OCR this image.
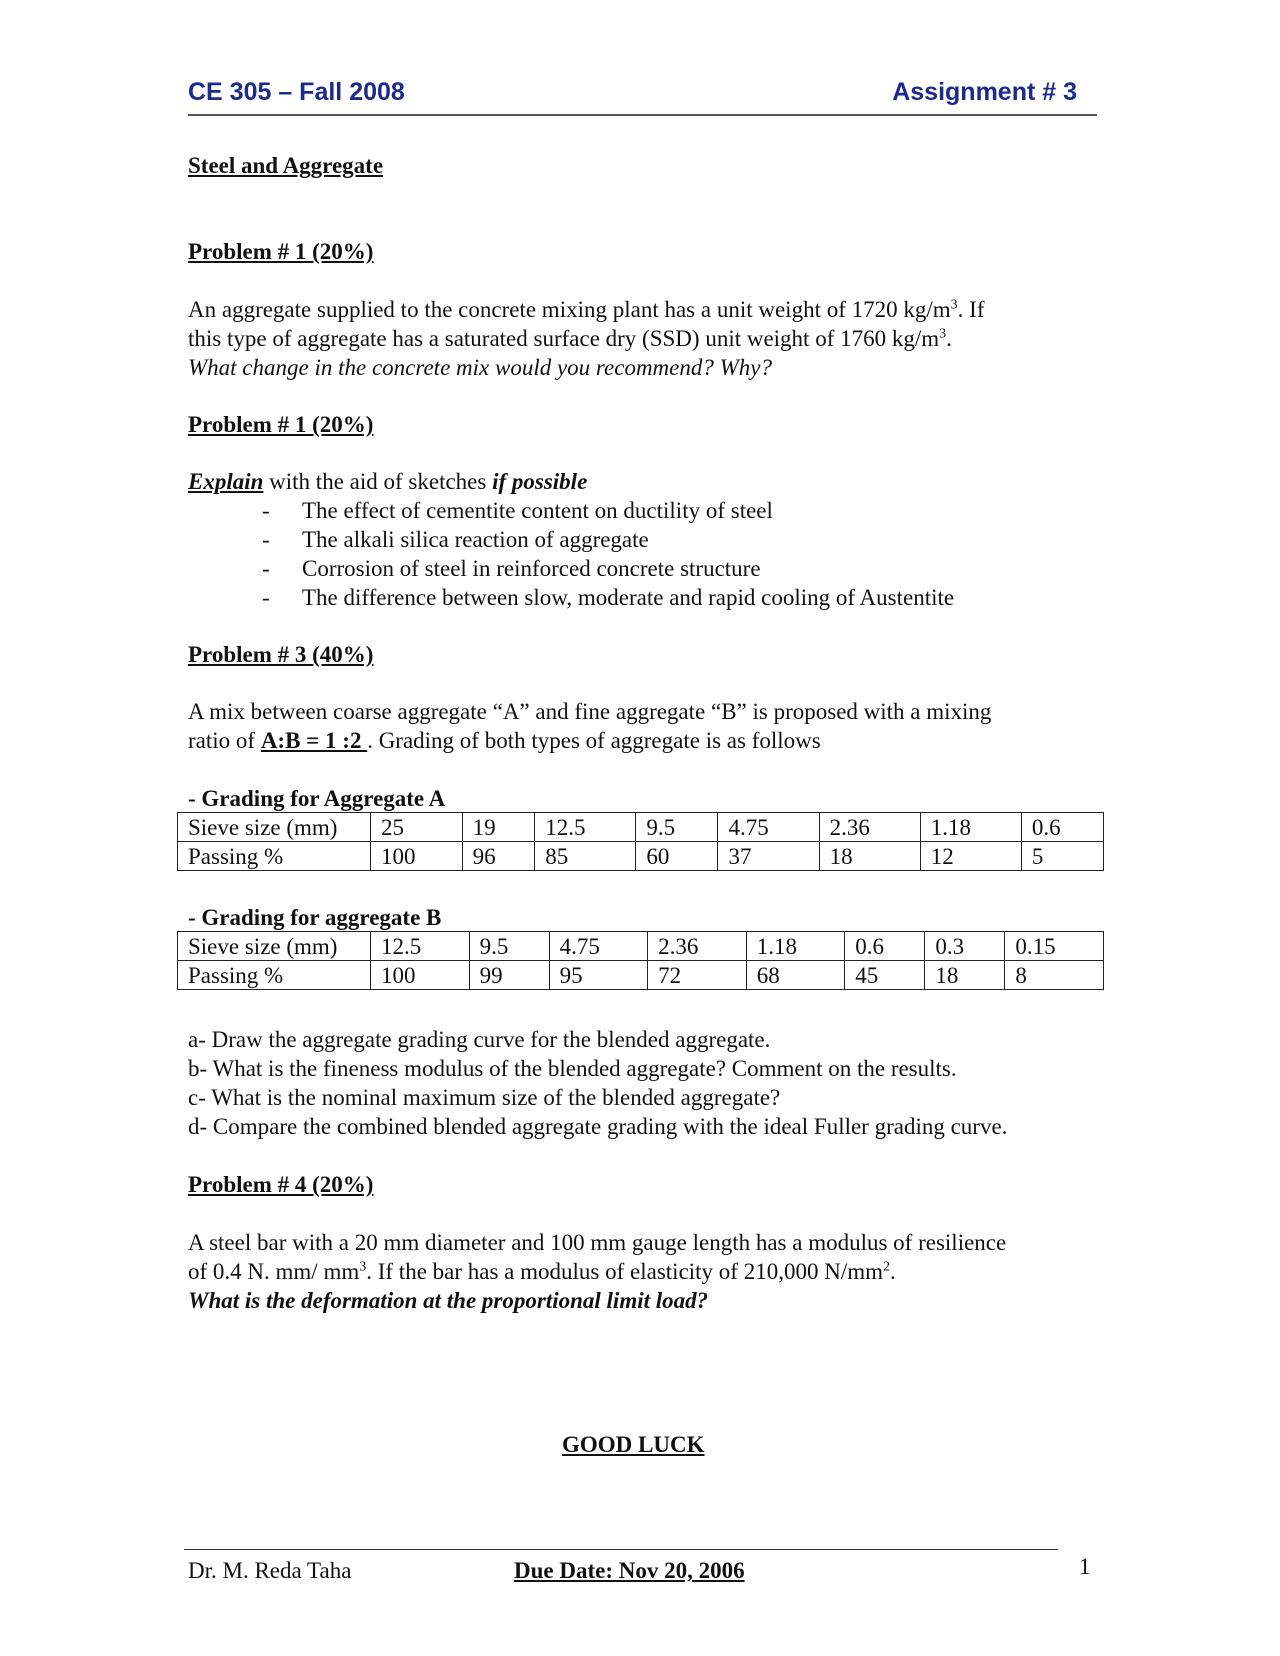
CE 305 – Fall 2008	Assignment # 3
Steel and Aggregate
Problem # 1 (20%)
An aggregate supplied to the concrete mixing plant has a unit weight of 1720 $kg/m^3$. If
this type of aggregate has a saturated surface dry (SSD) unit weight of 1760 $kg/m^3$.
What change in the concrete mix would you recommend? Why?
Problem # 1 (20%)
Explain with the aid of sketches if possible
- The effect of cementite content on ductility of steel
- The alkali silica reaction of aggregate
- Corrosion of steel in reinforced concrete structure
- The difference between slow, moderate and rapid cooling of Austentite
Problem # 3 (40%)
A mix between coarse aggregate “A” and fine aggregate “B” is proposed with a mixing
ratio of A:B = 1 :2 . Grading of both types of aggregate is as follows
- Grading for Aggregate A
Sieve size (mm)	25	19	12.5	9.5	4.75	2.36	1.18	0.6
Passing %	100	96	85	60	37	18	12	5
- Grading for aggregate B
Sieve size (mm)	12.5	9.5	4.75	2.36	1.18	0.6	0.3	0.15
Passing %	100	99	95	72	68	45	18	8
a- Draw the aggregate grading curve for the blended aggregate.
b- What is the fineness modulus of the blended aggregate? Comment on the results.
c- What is the nominal maximum size of the blended aggregate?
d- Compare the combined blended aggregate grading with the ideal Fuller grading curve.
Problem # 4 (20%)
A steel bar with a 20 mm diameter and 100 mm gauge length has a modulus of resilience
of 0.4 N. mm/ $mm^3$. If the bar has a modulus of elasticity of 210,000 $N/mm^2$.
What is the deformation at the proportional limit load?
GOOD LUCK
Dr. M. Reda Taha	Due Date: Nov 20, 2006	1
